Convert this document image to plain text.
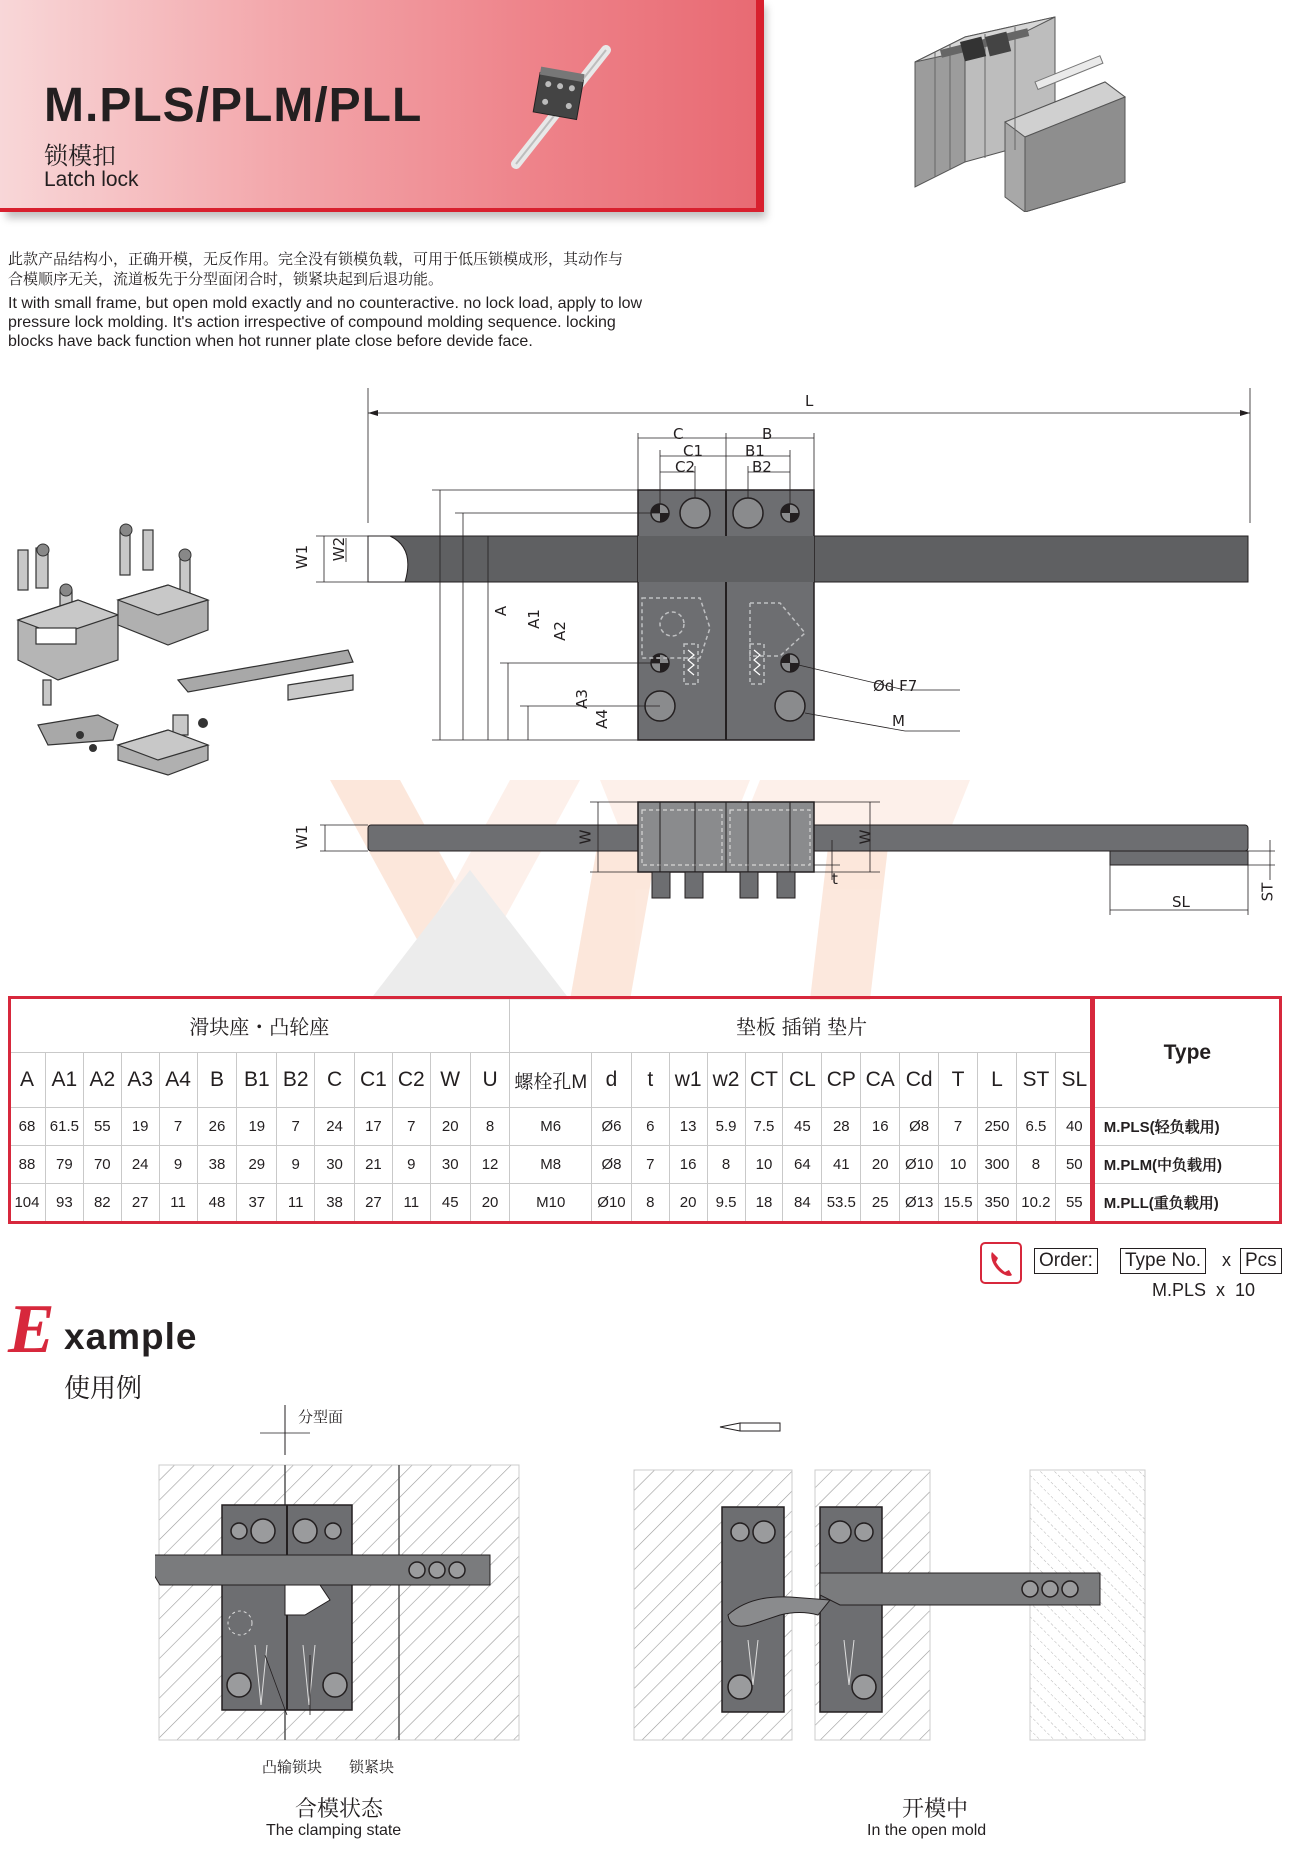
M.PLS/PLM/PLL
锁模扣
Latch lock
此款产品结构小，正确开模，无反作用。完全没有锁模负载，可用于低压锁模成形，其动作与
合模顺序无关，流道板先于分型面闭合时，锁紧块起到后退功能。
It with small frame, but open mold exactly and no counteractive. no lock load, apply to low
pressure lock molding. It's action irrespective of compound molding sequence. locking
blocks have back function when hot runner plate close before devide face.
L
C	B
C1	B1
C2	B2
W1 W2
A A1
A2
A3
A4
Ød F7
M
W1	W	W
t
SL
ST
滑块座・凸轮座													垫板 插销 垫片														Type
A	A1	A2	A3	A4	B	B1	B2	C	C1	C2	W	U	螺栓孔M	d	t	w1	w2	CT	CL	CP	CA	Cd	T	L	ST	SL	
68	61.5	55	19	7	26	19	7	24	17	7	20	8	M6	Ø6	6	13	5.9	7.5	45	28	16	Ø8	7	250	6.5	40	M.PLS(轻负载用)
88	79	70	24	9	38	29	9	30	21	9	30	12	M8	Ø8	7	16	8	10	64	41	20	Ø10	10	300	8	50	M.PLM(中负载用)
104	93	82	27	11	48	37	11	38	27	11	45	20	M10	Ø10	8	20	9.5	18	84	53.5	25	Ø13	15.5	350	10.2	55	M.PLL(重负载用)
Order: Type No. x Pcs
M.PLS  x  10
E xample
使用例
分型面
凸输锁块 锁紧块
合模状态
The clamping state
开模中
In the open mold
